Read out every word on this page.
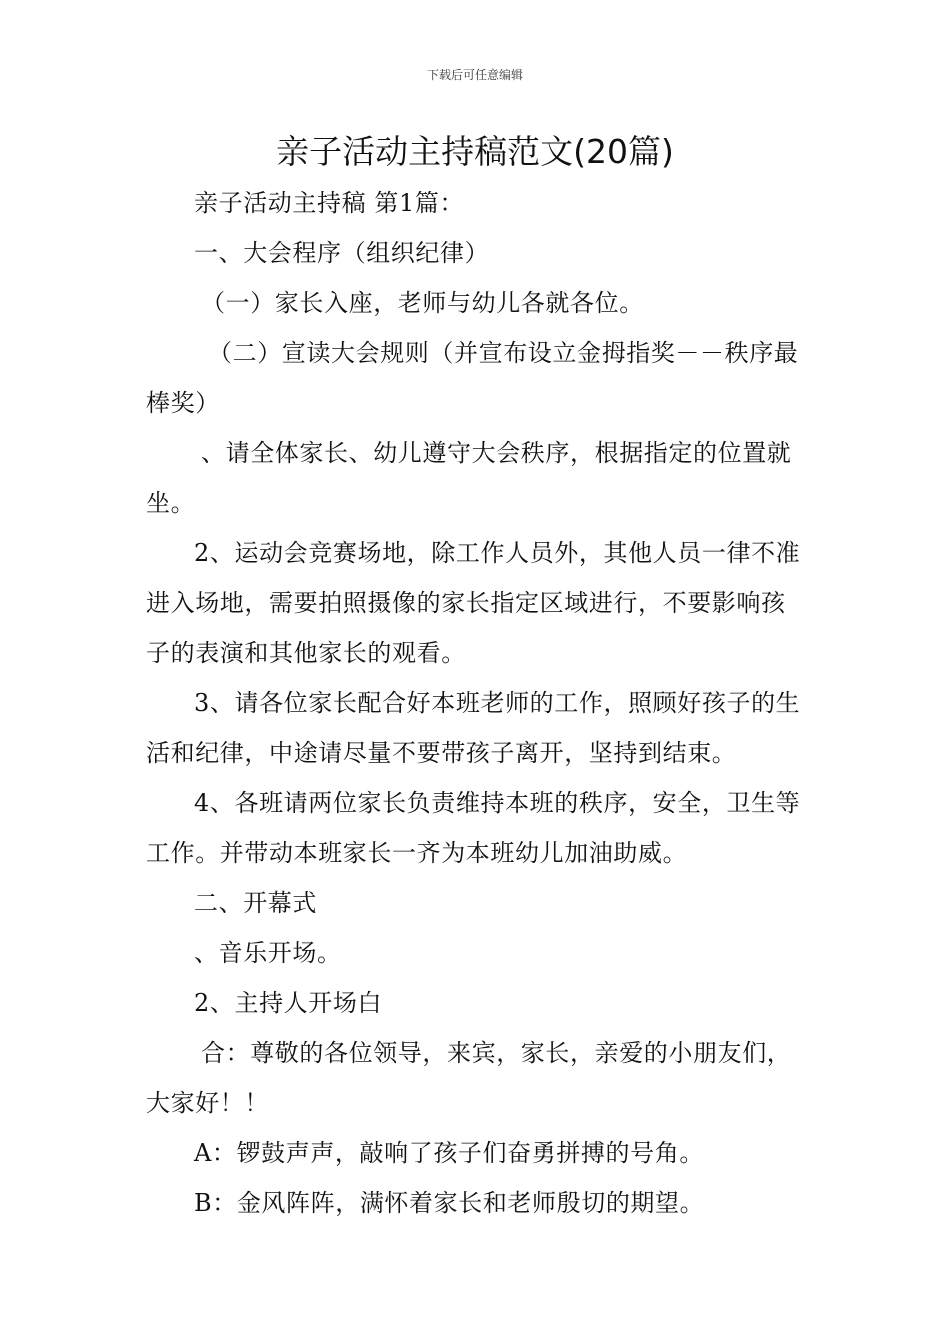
下载后可任意编辑
亲子活动主持稿范文(20篇)

亲子活动主持稿 第1篇：

一、大会程序（组织纪律）

（一）家长入座，老师与幼儿各就各位。

（二）宣读大会规则（并宣布设立金拇指奖－－秩序最棒奖）

、请全体家长、幼儿遵守大会秩序，根据指定的位置就坐。

2、运动会竞赛场地，除工作人员外，其他人员一律不准进入场地，需要拍照摄像的家长指定区域进行，不要影响孩子的表演和其他家长的观看。

3、请各位家长配合好本班老师的工作，照顾好孩子的生活和纪律，中途请尽量不要带孩子离开，坚持到结束。

4、各班请两位家长负责维持本班的秩序，安全，卫生等工作。并带动本班家长一齐为本班幼儿加油助威。

二、开幕式

、音乐开场。

2、主持人开场白

合：尊敬的各位领导，来宾，家长，亲爱的小朋友们，大家好！！

A：锣鼓声声，敲响了孩子们奋勇拼搏的号角。

B：金风阵阵，满怀着家长和老师殷切的期望。
